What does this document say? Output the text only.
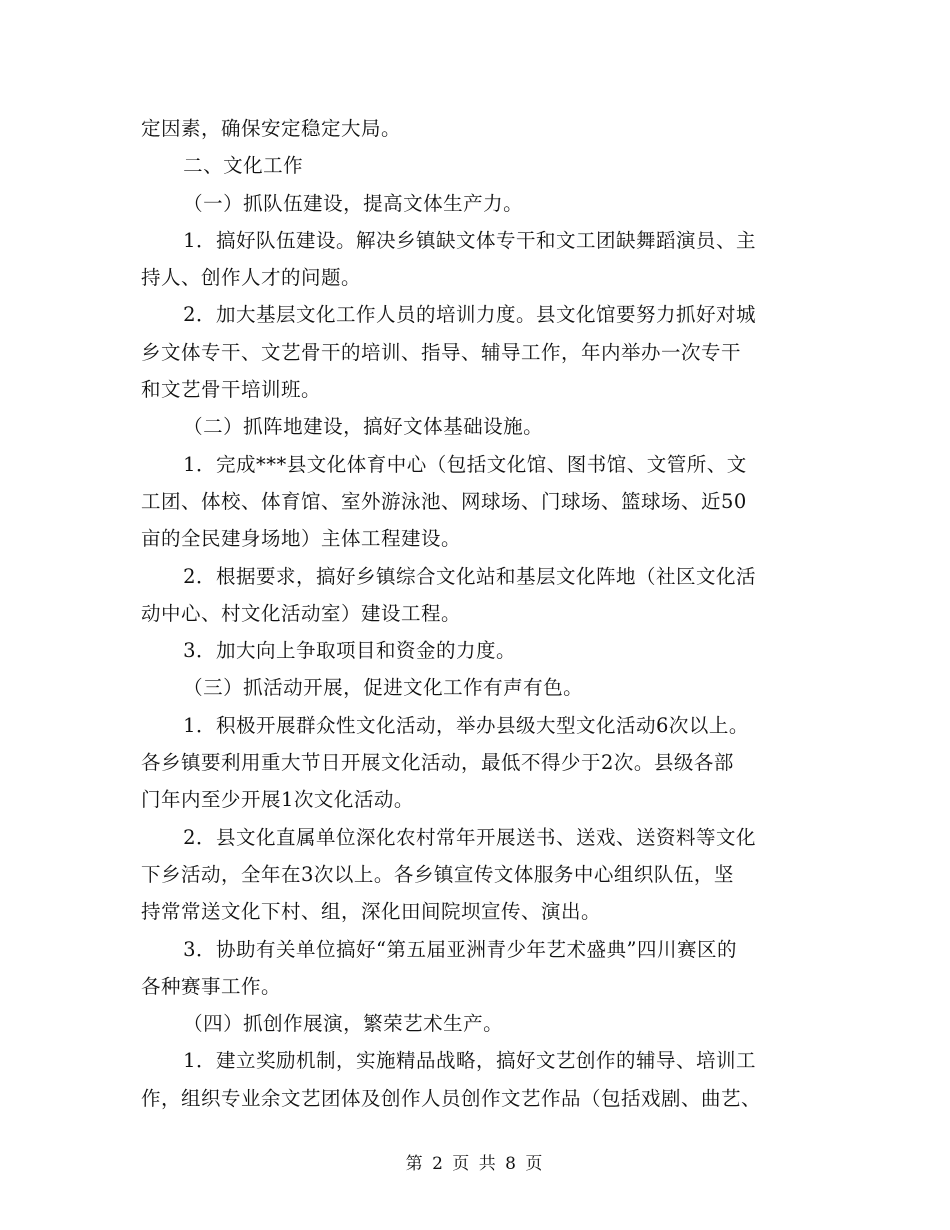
定因素，确保安定稳定大局。
二、文化工作
（一）抓队伍建设，提高文体生产力。
1．搞好队伍建设。解决乡镇缺文体专干和文工团缺舞蹈演员、主
持人、创作人才的问题。
2．加大基层文化工作人员的培训力度。县文化馆要努力抓好对城
乡文体专干、文艺骨干的培训、指导、辅导工作，年内举办一次专干
和文艺骨干培训班。
（二）抓阵地建设，搞好文体基础设施。
1．完成***县文化体育中心（包括文化馆、图书馆、文管所、文
工团、体校、体育馆、室外游泳池、网球场、门球场、篮球场、近50
亩的全民建身场地）主体工程建设。
2．根据要求，搞好乡镇综合文化站和基层文化阵地（社区文化活
动中心、村文化活动室）建设工程。
3．加大向上争取项目和资金的力度。
（三）抓活动开展，促进文化工作有声有色。
1．积极开展群众性文化活动，举办县级大型文化活动6次以上。
各乡镇要利用重大节日开展文化活动，最低不得少于2次。县级各部
门年内至少开展1次文化活动。
2．县文化直属单位深化农村常年开展送书、送戏、送资料等文化
下乡活动，全年在3次以上。各乡镇宣传文体服务中心组织队伍，坚
持常常送文化下村、组，深化田间院坝宣传、演出。
3．协助有关单位搞好“第五届亚洲青少年艺术盛典”四川赛区的
各种赛事工作。
（四）抓创作展演，繁荣艺术生产。
1．建立奖励机制，实施精品战略，搞好文艺创作的辅导、培训工
作，组织专业余文艺团体及创作人员创作文艺作品（包括戏剧、曲艺、
第 2 页 共 8 页
